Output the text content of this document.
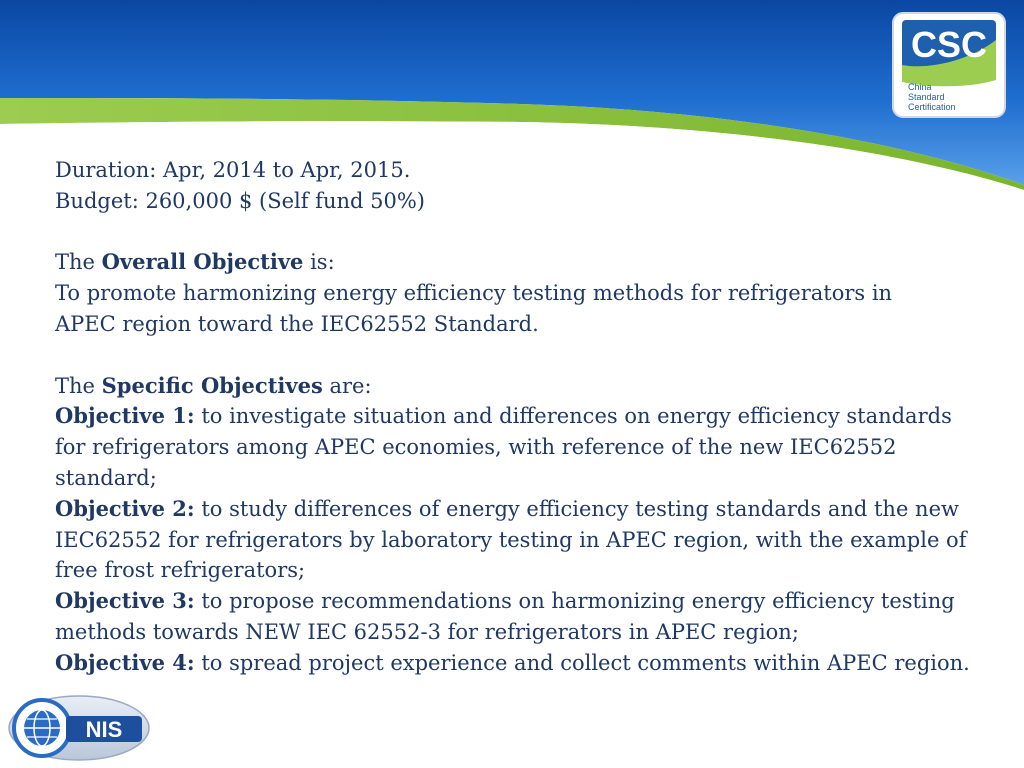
CSC
China
Standard
Certification
Duration: Apr, 2014 to Apr, 2015.
Budget: 260,000 $ (Self fund 50%)
The Overall Objective is:
To promote harmonizing energy efficiency testing methods for refrigerators in APEC region toward the IEC62552 Standard.
The Specific Objectives are:
Objective 1: to investigate situation and differences on energy efficiency standards for refrigerators among APEC economies, with reference of the new IEC62552 standard;
Objective 2: to study differences of energy efficiency testing standards and the new IEC62552 for refrigerators by laboratory testing in APEC region, with the example of free frost refrigerators;
Objective 3: to propose recommendations on harmonizing energy efficiency testing methods towards NEW IEC 62552-3 for refrigerators in APEC region;
Objective 4: to spread project experience and collect comments within APEC region.
NIS
